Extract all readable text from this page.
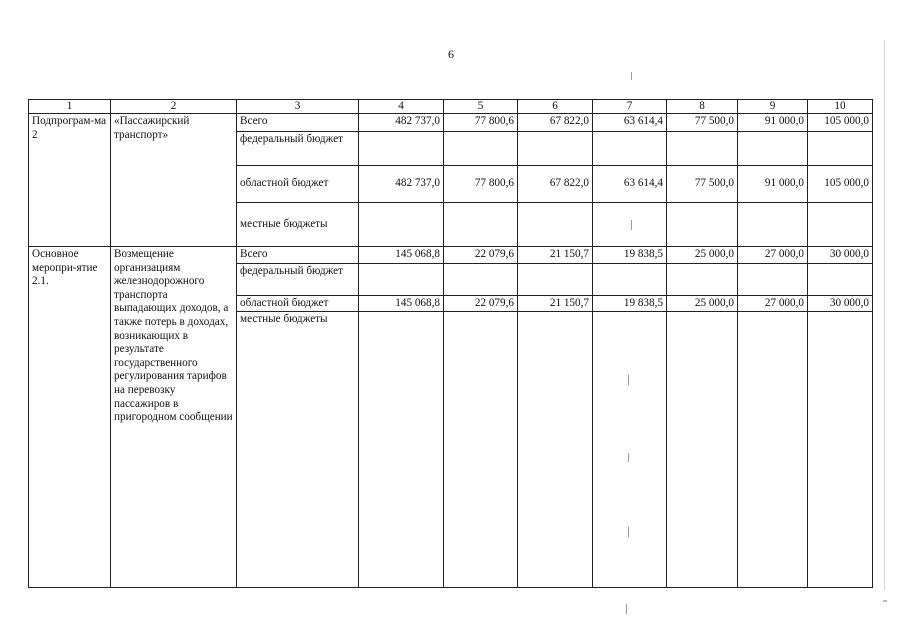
6
1	2	3	4	5	6	7	8	9	10
Подпрограм-ма 2	«Пассажирский транспорт»	Всего	482 737,0	77 800,6	67 822,0	63 614,4	77 500,0	91 000,0	105 000,0
		федеральный бюджет							
		областной бюджет	482 737,0	77 800,6	67 822,0	63 614,4	77 500,0	91 000,0	105 000,0
		местные бюджеты							
Основное меропри-ятие 2.1.	Возмещение организациям железнодорожного транспорта выпадающих доходов, а также потерь в доходах, возникающих в результате государственного регулирования тарифов на перевозку пассажиров в пригородном сообщении	Всего	145 068,8	22 079,6	21 150,7	19 838,5	25 000,0	27 000,0	30 000,0
		федеральный бюджет							
		областной бюджет	145 068,8	22 079,6	21 150,7	19 838,5	25 000,0	27 000,0	30 000,0
		местные бюджеты							
